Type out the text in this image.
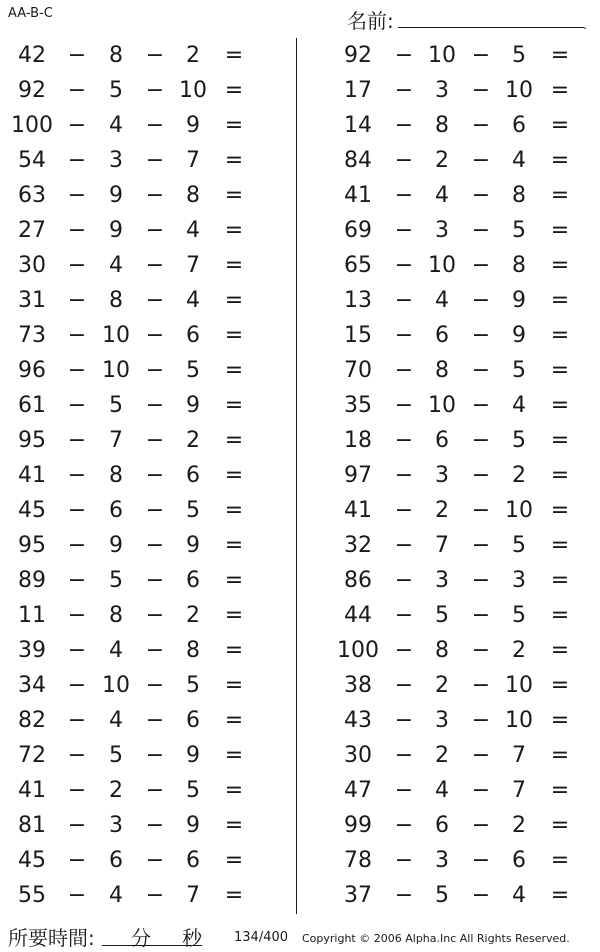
AA-B-C	名前:	.
42 −	8	− 2	=
92 −	5	− 10 =
100 −	4	− 9	=
54 −	3	− 7	=
63 −	9	− 8	=
27 −	9	− 4	=
30 −	4	− 7	=
31 −	8	− 4	=
73 − 10 − 6	=
96 − 10 − 5	=
61 −	5	− 9	=
95 −	7	− 2	=
41 −	8	− 6	=
45 −	6	− 5	=
95 −	9	− 9	=
89 −	5	− 6	=
11 −	8	− 2	=
39 −	4	− 8	=
34 − 10 − 5	=
82 −	4	− 6	=
72 −	5	− 9	=
41 −	2	− 5	=
81 −	3	− 9	=
45 −	6	− 6	=
55 −	4	− 7	=
92	− 10 − 5	=
17	− 3	− 10 =
14	− 8	− 6	=
84	− 2	− 4	=
41	− 4	− 8	=
69	− 3	− 5	=
65	− 10 − 8	=
13	− 4	− 9	=
15	− 6	− 9	=
70	− 8	− 5	=
35	− 10 − 4	=
18	− 6	− 5	=
97	− 3	− 2	=
41	− 2	− 10 =
32	− 7	− 5	=
86	− 3	− 3	=
44	− 5	− 5	=
100 − 8	− 2	=
38	− 2	− 10 =
43	− 3	− 10 =
30	− 2	− 7	=
47	− 4	− 7	=
99	− 6	− 2	=
78	− 3	− 6	=
37	− 5	− 4	=
所要時間: 分 秒 134/400 Copyright © 2006 Alpha.Inc All Rights Reserved.
